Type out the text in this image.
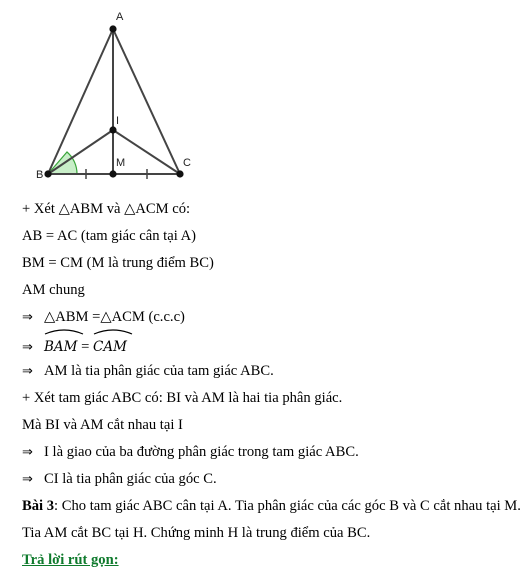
A
B
C
I
M
+ Xét △ABM và △ACM có:
AB = AC (tam giác cân tại A)
BM = CM (M là trung điểm BC)
AM chung
⇒ △ABM =△ACM (c.c.c)
⇒ BAM =
CAM
⇒ AM là tia phân giác của tam giác ABC.
+ Xét tam giác ABC có: BI và AM là hai tia phân giác.
Mà BI và AM cắt nhau tại I
⇒ I là giao của ba đường phân giác trong tam giác ABC.
⇒ CI là tia phân giác của góc C.
Bài 3: Cho tam giác ABC cân tại A. Tia phân giác của các góc B và C cắt nhau tại M. Tia AM cắt BC tại H. Chứng minh H là trung điểm của BC.
Trả lời rút gọn:
